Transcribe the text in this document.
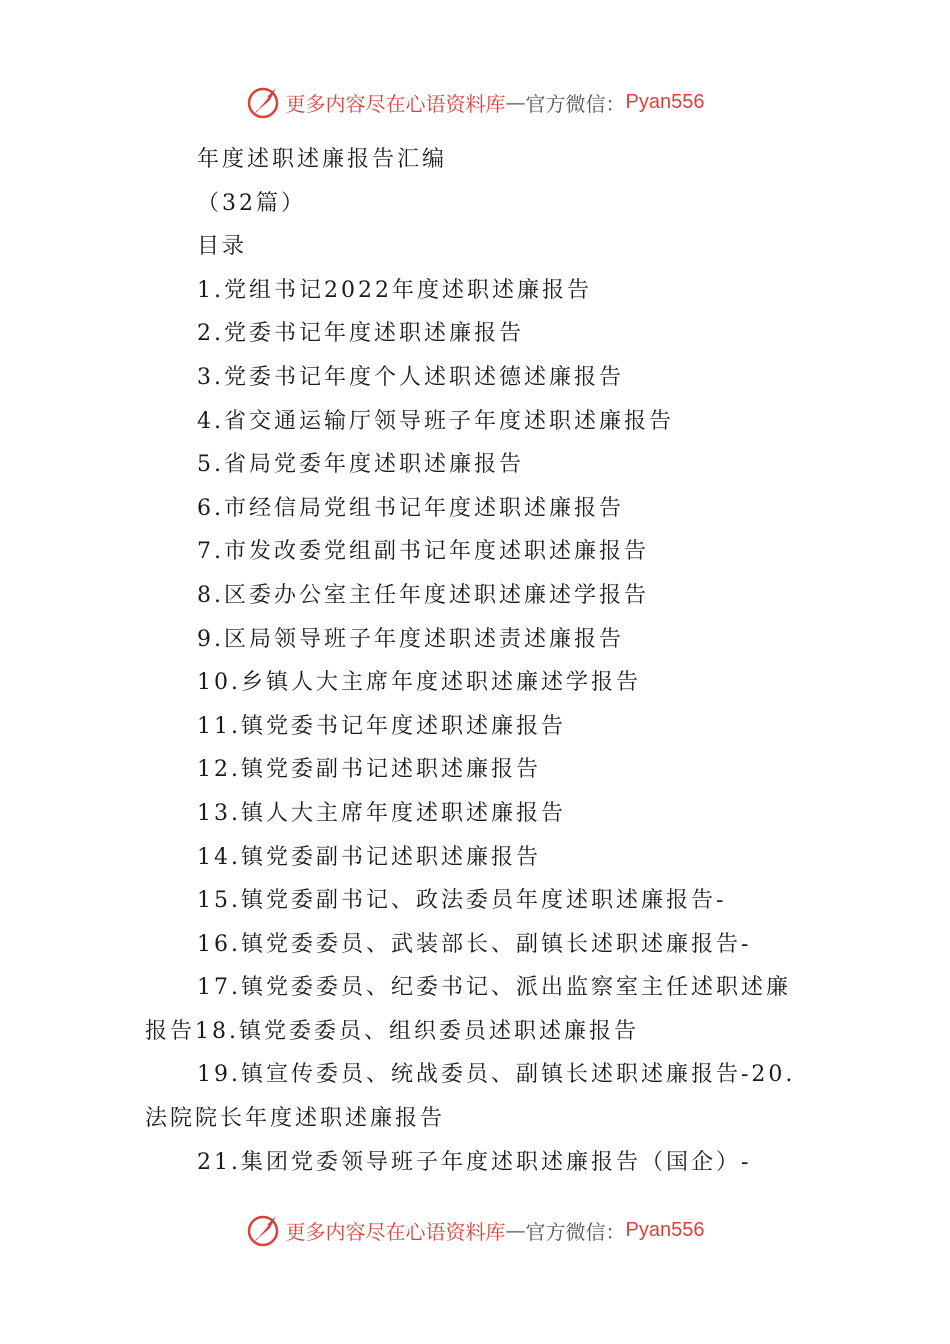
更多内容尽在心语资料库 — 官方微信： Pyan556
年度述职述廉报告汇编
（32篇）
目录
1.党组书记2022年度述职述廉报告
2.党委书记年度述职述廉报告
3.党委书记年度个人述职述德述廉报告
4.省交通运输厅领导班子年度述职述廉报告
5.省局党委年度述职述廉报告
6.市经信局党组书记年度述职述廉报告
7.市发改委党组副书记年度述职述廉报告
8.区委办公室主任年度述职述廉述学报告
9.区局领导班子年度述职述责述廉报告
10.乡镇人大主席年度述职述廉述学报告
11.镇党委书记年度述职述廉报告
12.镇党委副书记述职述廉报告
13.镇人大主席年度述职述廉报告
14.镇党委副书记述职述廉报告
15.镇党委副书记、政法委员年度述职述廉报告-
16.镇党委委员、武装部长、副镇长述职述廉报告-
17.镇党委委员、纪委书记、派出监察室主任述职述廉报告18.镇党委委员、组织委员述职述廉报告
19.镇宣传委员、统战委员、副镇长述职述廉报告-20.法院院长年度述职述廉报告
21.集团党委领导班子年度述职述廉报告（国企）-
更多内容尽在心语资料库 — 官方微信： Pyan556
